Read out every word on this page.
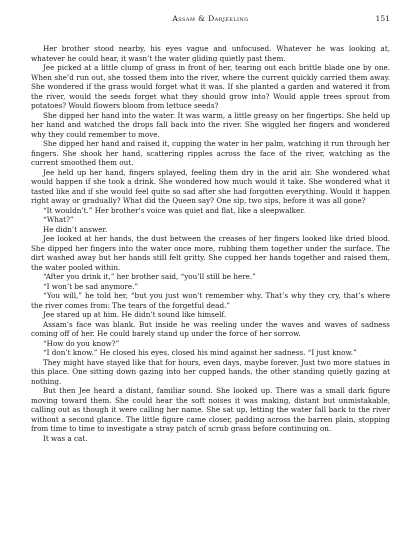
Assam & Darjeeling	151

Her brother stood nearby, his eyes vague and unfocused. Whatever he was looking at, whatever he could hear, it wasn’t the water gliding quietly past them.

Jee picked at a little clump of grass in front of her, tearing out each brittle blade one by one. When she’d run out, she tossed them into the river, where the current quickly carried them away. She wondered if the grass would forget what it was. If she planted a garden and watered it from the river, would the seeds forget what they should grow into? Would apple trees sprout from potatoes? Would flowers bloom from lettuce seeds?

She dipped her hand into the water. It was warm, a little greasy on her fingertips. She held up her hand and watched the drops fall back into the river. She wiggled her fingers and wondered why they could remember to move.

She dipped her hand and raised it, cupping the water in her palm, watching it run through her fingers. She shook her hand, scattering ripples across the face of the river, watching as the current smoothed them out.

Jee held up her hand, fingers splayed, feeling them dry in the arid air. She wondered what would happen if she took a drink. She wondered how much would it take. She wondered what it tasted like and if she would feel quite so sad after she had forgotten everything. Would it happen right away or gradually? What did the Queen say? One sip, two sips, before it was all gone?

“It wouldn’t.” Her brother’s voice was quiet and flat, like a sleepwalker.

“What?”

He didn’t answer.

Jee looked at her hands, the dust between the creases of her fingers looked like dried blood. She dipped her fingers into the water once more, rubbing them together under the surface. The dirt washed away but her hands still felt gritty. She cupped her hands together and raised them, the water pooled within.

“After you drink it,” her brother said, “you’ll still be here.”

“I won’t be sad anymore.”

“You will,” he told her, “but you just won’t remember why. That’s why they cry, that’s where the river comes from: The tears of the forgetful dead.”

Jee stared up at him. He didn’t sound like himself.

Assam’s face was blank. But inside he was reeling under the waves and waves of sadness coming off of her. He could barely stand up under the force of her sorrow.

“How do you know?”

“I don’t know.” He closed his eyes, closed his mind against her sadness. “I just know.”

They might have stayed like that for hours, even days, maybe forever. Just two more statues in this place. One sitting down gazing into her cupped hands, the other standing quietly gazing at nothing.

But then Jee heard a distant, familiar sound. She looked up. There was a small dark figure moving toward them. She could hear the soft noises it was making, distant but unmistakable, calling out as though it were calling her name. She sat up, letting the water fall back to the river without a second glance. The little figure came closer, padding across the barren plain, stopping from time to time to investigate a stray patch of scrub grass before continuing on.

It was a cat.
